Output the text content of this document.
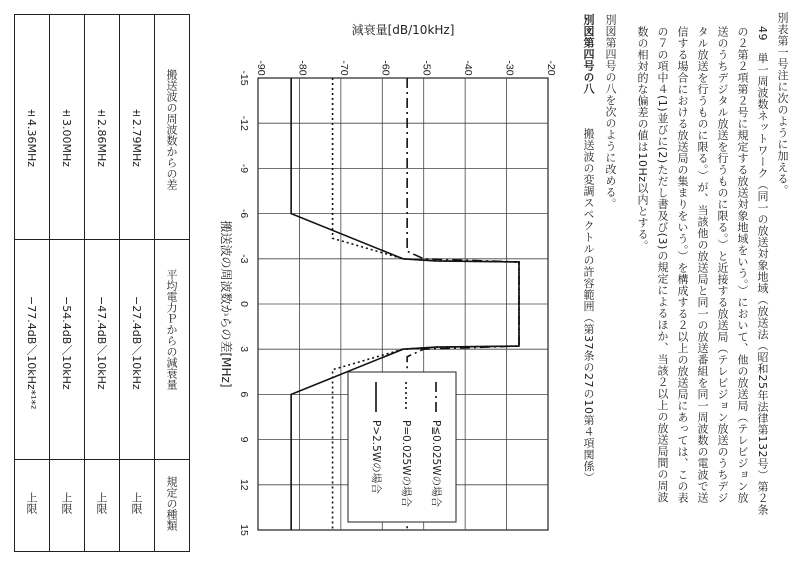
別表第一号注に次のように加える。
49　単一周波数ネットワーク（同一の放送対象地域（放送法（昭和25年法律第132号）第２条
の２第２項第２号に規定する放送対象地域をいう。）において、他の放送局（テレビジョン放
送のうちデジタル放送を行うものに限る。）と近接する放送局（テレビジョン放送のうちデジ
タル放送を行うものに限る。）が、当該他の放送局と同一の放送番組を同一周波数の電波で送
信する場合における放送局の集まりをいう。）を構成する２以上の放送局にあっては、この表
の７の項中４(1)並びに(2)ただし書及び(3)の規定によるほか、当該２以上の放送局間の周波
数の相対的な偏差の値は10Hz以内とする。
別図第四号の八を次のように改める。
別図第四号の八
搬送波の変調スペクトルの許容範囲（第37条の27の10第４項関係）
-20
-30
-40
-50
-60
-70
-80
-90
-15
-12
-9
-6
-3
0
3
6
9
12
15
減衰量[dB/10kHz]
搬送波の周波数からの差[MHz]
P≦0.025Wの場合
P=0.025Wの場合
P>2.5Wの場合
搬送波の周波数からの差
平均電力Ｐからの減衰量
規定の種類
±2.79MHz
−27.4dB／10kHz
上限
±2.86MHz
−47.4dB／10kHz
上限
±3.00MHz
−54.4dB／10kHz
上限
±4.36MHz
−77.4dB／10kHz*¹*²
上限
